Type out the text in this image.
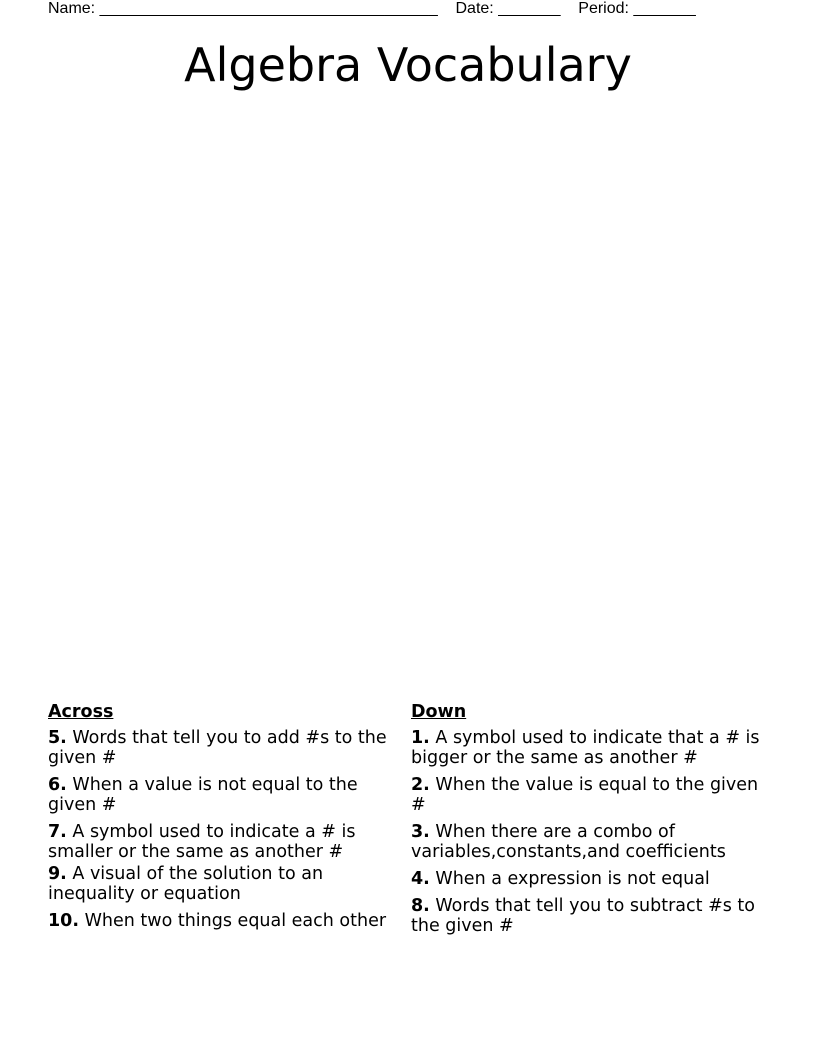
Name: ______________________________________ Date: _______ Period: _______
Algebra Vocabulary
Across
5. Words that tell you to add #s to the given #
6. When a value is not equal to the given #
7. A symbol used to indicate a # is smaller or the same as another #
9. A visual of the solution to an inequality or equation
10. When two things equal each other
Down
1. A symbol used to indicate that a # is bigger or the same as another #
2. When the value is equal to the given #
3. When there are a combo of variables,constants,and coefficients
4. When a expression is not equal
8. Words that tell you to subtract #s to the given #
